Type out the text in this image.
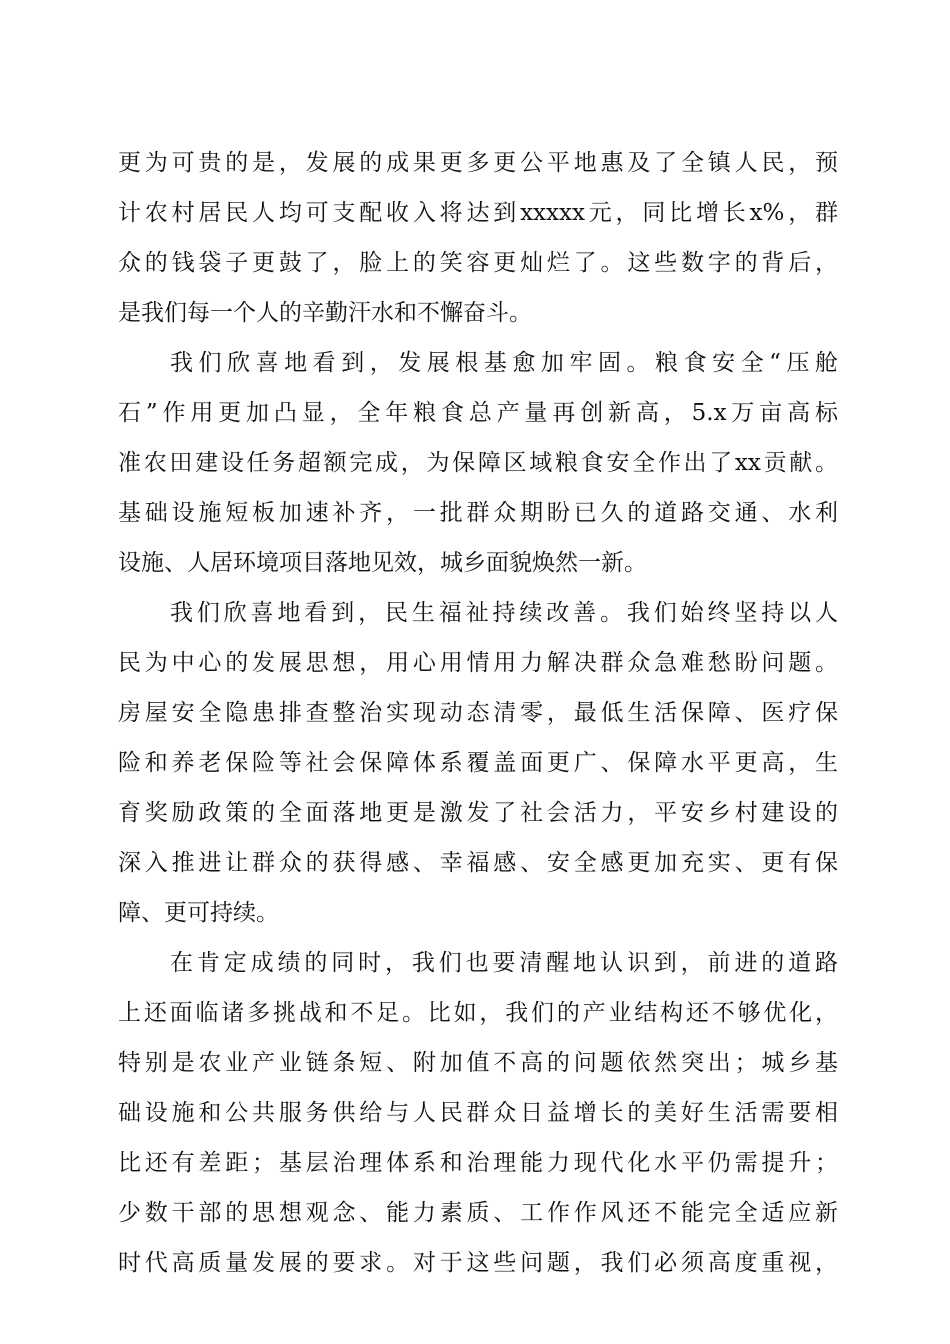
更为可贵的是，发展的成果更多更公平地惠及了全镇人民，预
计农村居民人均可支配收入将达到xxxxx元，同比增长x%，群
众的钱袋子更鼓了，脸上的笑容更灿烂了。这些数字的背后，
是我们每一个人的辛勤汗水和不懈奋斗。
我们欣喜地看到，发展根基愈加牢固。粮食安全“压舱
石”作用更加凸显，全年粮食总产量再创新高，5.x万亩高标
准农田建设任务超额完成，为保障区域粮食安全作出了xx贡献。
基础设施短板加速补齐，一批群众期盼已久的道路交通、水利
设施、人居环境项目落地见效，城乡面貌焕然一新。
我们欣喜地看到，民生福祉持续改善。我们始终坚持以人
民为中心的发展思想，用心用情用力解决群众急难愁盼问题。
房屋安全隐患排查整治实现动态清零，最低生活保障、医疗保
险和养老保险等社会保障体系覆盖面更广、保障水平更高，生
育奖励政策的全面落地更是激发了社会活力，平安乡村建设的
深入推进让群众的获得感、幸福感、安全感更加充实、更有保
障、更可持续。
在肯定成绩的同时，我们也要清醒地认识到，前进的道路
上还面临诸多挑战和不足。比如，我们的产业结构还不够优化，
特别是农业产业链条短、附加值不高的问题依然突出；城乡基
础设施和公共服务供给与人民群众日益增长的美好生活需要相
比还有差距；基层治理体系和治理能力现代化水平仍需提升；
少数干部的思想观念、能力素质、工作作风还不能完全适应新
时代高质量发展的要求。对于这些问题，我们必须高度重视，
